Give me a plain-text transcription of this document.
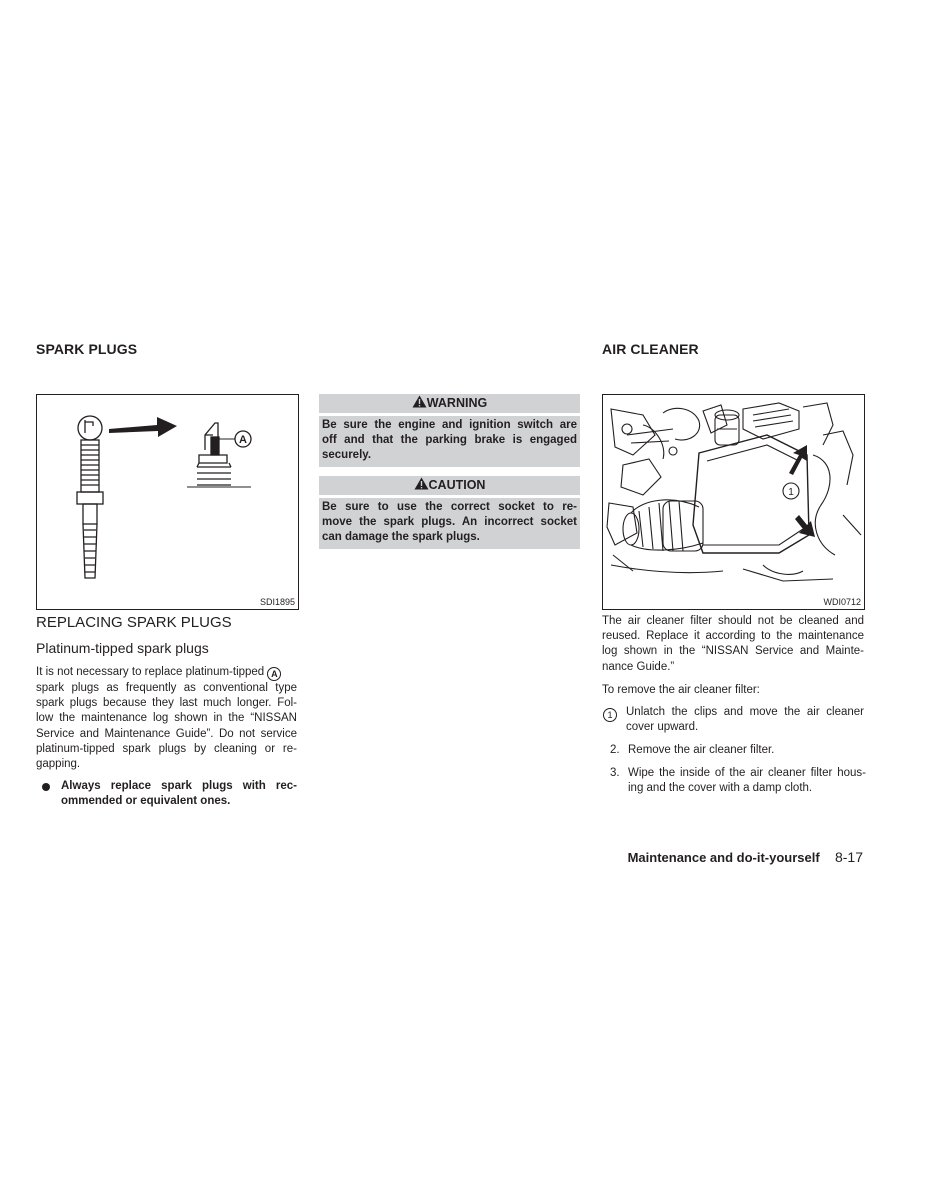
SPARK PLUGS
A
SDI1895
REPLACING SPARK PLUGS
Platinum-tipped spark plugs
It is not necessary to replace platinum-tipped A
spark plugs as frequently as conventional type
spark plugs because they last much longer. Fol-
low the maintenance log shown in the “NISSAN
Service and Maintenance Guide”. Do not service
platinum-tipped spark plugs by cleaning or re-
gapping.
Always replace spark plugs with rec-
ommended or equivalent ones.
WARNING
Be sure the engine and ignition switch are
off and that the parking brake is engaged
securely.
CAUTION
Be sure to use the correct socket to re-
move the spark plugs. An incorrect socket
can damage the spark plugs.
AIR CLEANER
1
WDI0712
The air cleaner filter should not be cleaned and
reused. Replace it according to the maintenance
log shown in the “NISSAN Service and Mainte-
nance Guide.”
To remove the air cleaner filter:
1	Unlatch the clips and move the air cleaner
cover upward.
2. Remove the air cleaner filter.
3. Wipe the inside of the air cleaner filter hous-
ing and the cover with a damp cloth.
Maintenance and do-it-yourself 8-17
